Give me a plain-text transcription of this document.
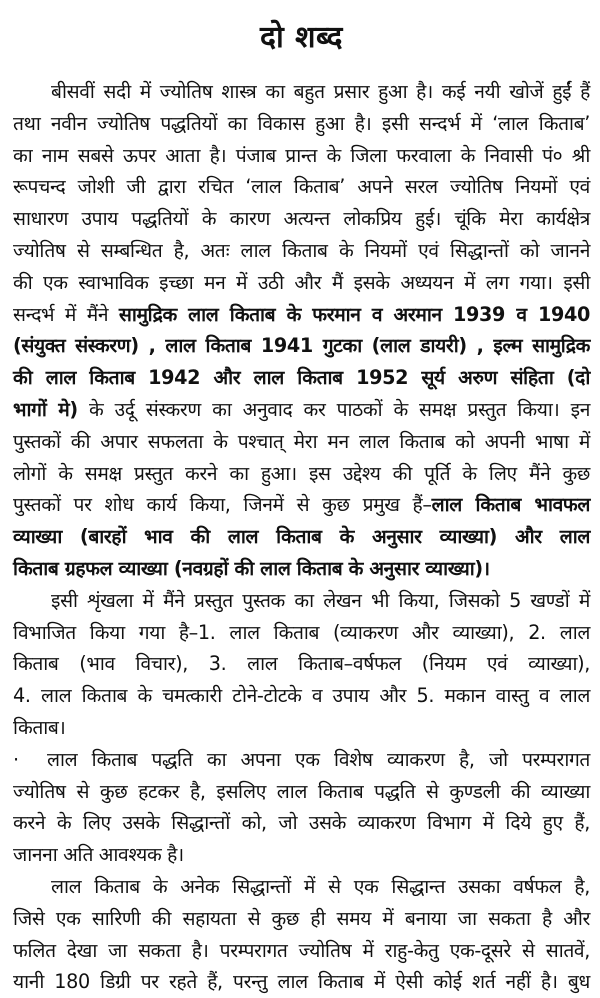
दो शब्द
बीसवीं सदी में ज्योतिष शास्त्र का बहुत प्रसार हुआ है। कई नयी खोजें हुईं हैं
तथा नवीन ज्योतिष पद्धतियों का विकास हुआ है। इसी सन्दर्भ में ‘लाल किताब’
का नाम सबसे ऊपर आता है। पंजाब प्रान्त के जिला फरवाला के निवासी पं० श्री
रूपचन्द जोशी जी द्वारा रचित ‘लाल किताब’ अपने सरल ज्योतिष नियमों एवं
साधारण उपाय पद्धतियों के कारण अत्यन्त लोकप्रिय हुई। चूंकि मेरा कार्यक्षेत्र
ज्योतिष से सम्बन्धित है, अतः लाल किताब के नियमों एवं सिद्धान्तों को जानने
की एक स्वाभाविक इच्छा मन में उठी और मैं इसके अध्ययन में लग गया। इसी
सन्दर्भ में मैंने सामुद्रिक लाल किताब के फरमान व अरमान 1939 व 1940
(संयुक्त संस्करण) , लाल किताब 1941 गुटका (लाल डायरी) , इल्म सामुद्रिक
की लाल किताब 1942 और लाल किताब 1952 सूर्य अरुण संहिता (दो
भागों मे) के उर्दू संस्करण का अनुवाद कर पाठकों के समक्ष प्रस्तुत किया। इन
पुस्तकों की अपार सफलता के पश्चात् मेरा मन लाल किताब को अपनी भाषा में
लोगों के समक्ष प्रस्तुत करने का हुआ। इस उद्देश्य की पूर्ति के लिए मैंने कुछ
पुस्तकों पर शोध कार्य किया, जिनमें से कुछ प्रमुख हैं–लाल किताब भावफल
व्याख्या (बारहों भाव की लाल किताब के अनुसार व्याख्या) और लाल
किताब ग्रहफल व्याख्या (नवग्रहों की लाल किताब के अनुसार व्याख्या)।
इसी शृंखला में मैंने प्रस्तुत पुस्तक का लेखन भी किया, जिसको 5 खण्डों में
विभाजित किया गया है–1. लाल किताब (व्याकरण और व्याख्या), 2. लाल
किताब (भाव विचार), 3. लाल किताब–वर्षफल (नियम एवं व्याख्या),
4. लाल किताब के चमत्कारी टोने-टोटके व उपाय और 5. मकान वास्तु व लाल
किताब।
· लाल किताब पद्धति का अपना एक विशेष व्याकरण है, जो परम्परागत
ज्योतिष से कुछ हटकर है, इसलिए लाल किताब पद्धति से कुण्डली की व्याख्या
करने के लिए उसके सिद्धान्तों को, जो उसके व्याकरण विभाग में दिये हुए हैं,
जानना अति आवश्यक है।
लाल किताब के अनेक सिद्धान्तों में से एक सिद्धान्त उसका वर्षफल है,
जिसे एक सारिणी की सहायता से कुछ ही समय में बनाया जा सकता है और
फलित देखा जा सकता है। परम्परागत ज्योतिष में राहु-केतु एक-दूसरे से सातवें,
यानी 180 डिग्री पर रहते हैं, परन्तु लाल किताब में ऐसी कोई शर्त नहीं है। बुध
